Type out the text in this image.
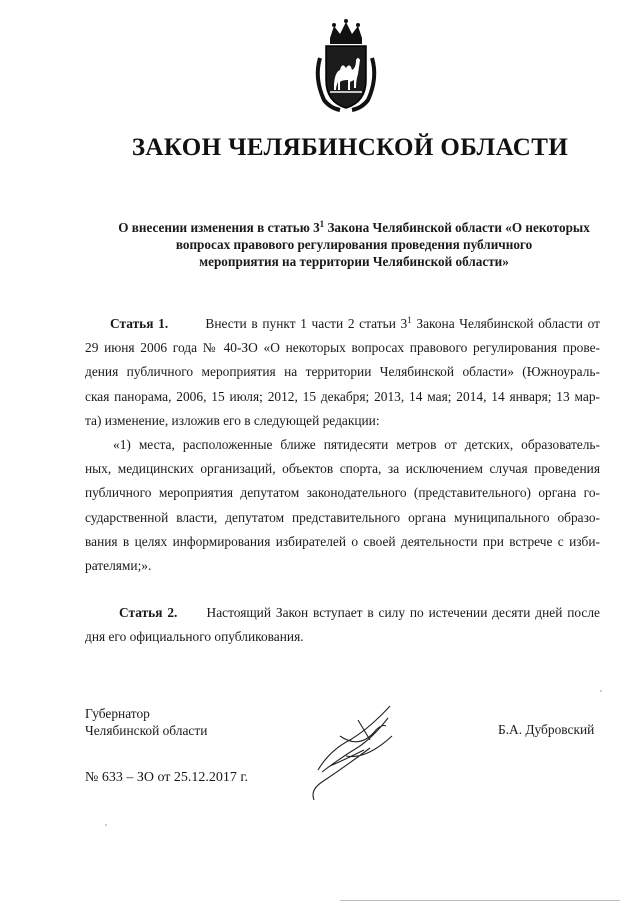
ЗАКОН ЧЕЛЯБИНСКОЙ ОБЛАСТИ
О внесении изменения в статью $3^1$ Закона Челябинской области «О некоторых
вопросах правового регулирования проведения публичного
мероприятия на территории Челябинской области»
Статья 1.	Внести в пункт 1 части 2 статьи $3^1$ Закона Челябинской области от
29 июня 2006 года № 40-ЗО «О некоторых вопросах правового регулирования прове-
дения публичного мероприятия на территории Челябинской области» (Южноураль-
ская панорама, 2006, 15 июля; 2012, 15 декабря; 2013, 14 мая; 2014, 14 января; 13 мар-
та) изменение, изложив его в следующей редакции:
«1) места, расположенные ближе пятидесяти метров от детских, образователь-
ных, медицинских организаций, объектов спорта, за исключением случая проведения
публичного мероприятия депутатом законодательного (представительного) органа го-
сударственной власти, депутатом представительного органа муниципального образо-
вания в целях информирования избирателей о своей деятельности при встрече с изби-
рателями;».
Статья 2. Настоящий Закон вступает в силу по истечении десяти дней после
дня его официального опубликования.
Губернатор
Челябинской области	Б.А. Дубровский
№ 633 – ЗО от 25.12.2017 г.
